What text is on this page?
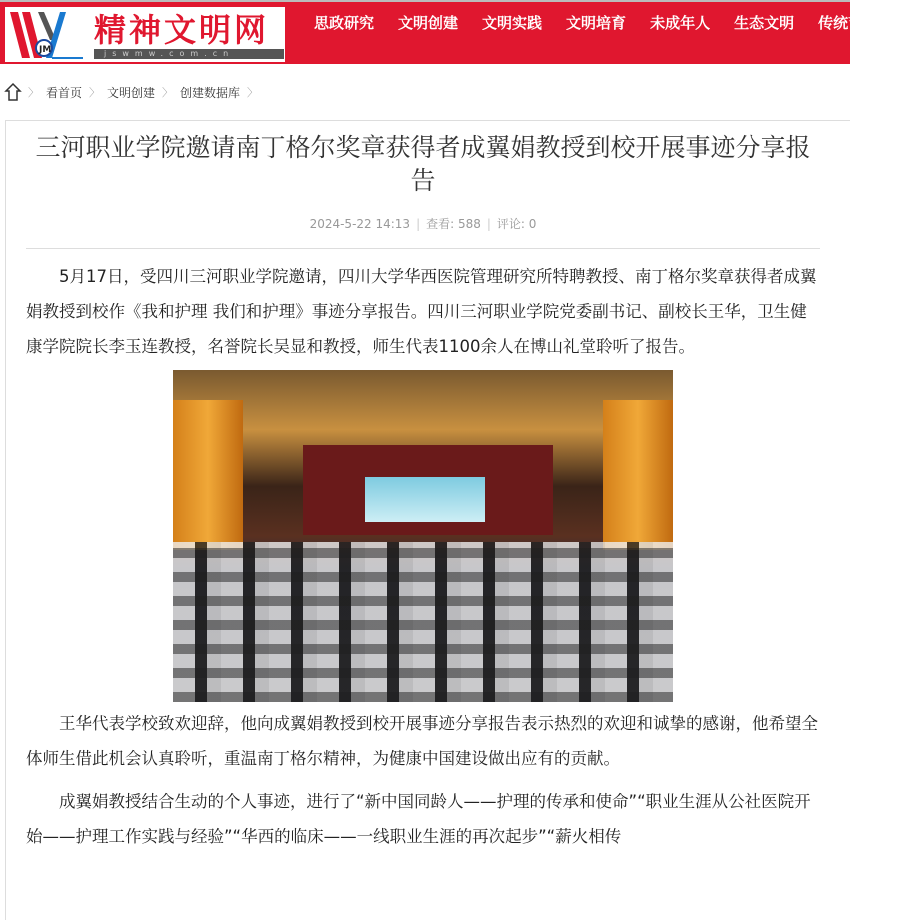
JM
精神文明网
jswmw.com.cn
思政研究 文明创建 文明实践 文明培育 未成年人 生态文明 传统节日
〉 看首页 〉 文明创建 〉 创建数据库 〉
三河职业学院邀请南丁格尔奖章获得者成翼娟教授到校开展事迹分享报告
2024-5-22 14:13 | 查看: 588 | 评论: 0

5月17日，受四川三河职业学院邀请，四川大学华西医院管理研究所特聘教授、南丁格尔奖章获得者成翼娟教授到校作《我和护理 我们和护理》事迹分享报告。四川三河职业学院党委副书记、副校长王华，卫生健康学院院长李玉连教授，名誉院长吴显和教授，师生代表1100余人在博山礼堂聆听了报告。

王华代表学校致欢迎辞，他向成翼娟教授到校开展事迹分享报告表示热烈的欢迎和诚挚的感谢，他希望全体师生借此机会认真聆听，重温南丁格尔精神，为健康中国建设做出应有的贡献。

成翼娟教授结合生动的个人事迹，进行了“新中国同龄人——护理的传承和使命”“职业生涯从公社医院开始——护理工作实践与经验”“华西的临床——一线职业生涯的再次起步”“薪火相传
